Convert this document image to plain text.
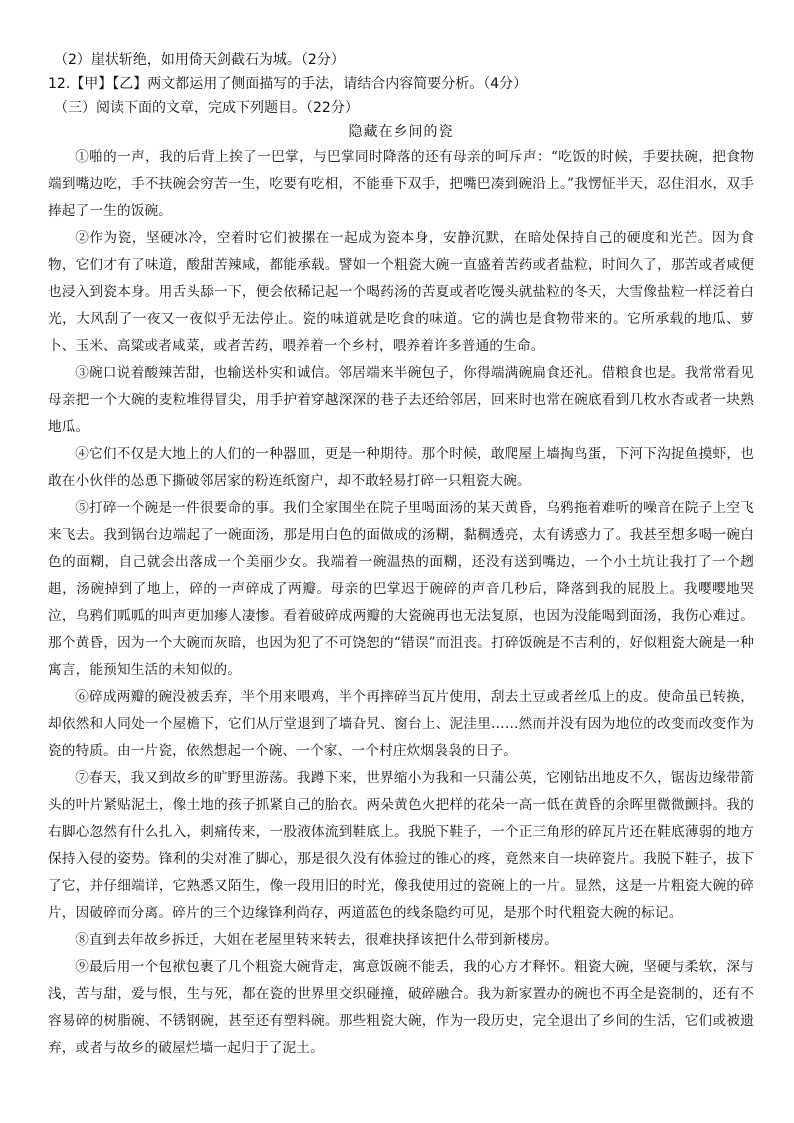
（2）崖状斩绝，如用倚天剑截石为城。（2分）

12.【甲】【乙】两文都运用了侧面描写的手法，请结合内容简要分析。（4分）

（三）阅读下面的文章，完成下列题目。（22分）

隐藏在乡间的瓷

①啪的一声，我的后背上挨了一巴掌，与巴掌同时降落的还有母亲的呵斥声：“吃饭的时候，手要扶碗，把食物端到嘴边吃，手不扶碗会穷苦一生，吃要有吃相，不能垂下双手，把嘴巴凑到碗沿上。”我愣怔半天，忍住泪水，双手捧起了一生的饭碗。

②作为瓷，坚硬冰冷，空着时它们被摞在一起成为瓷本身，安静沉默，在暗处保持自己的硬度和光芒。因为食物，它们才有了味道，酸甜苦辣咸，都能承载。譬如一个粗瓷大碗一直盛着苦药或者盐粒，时间久了，那苦或者咸便也浸入到瓷本身。用舌头舔一下，便会依稀记起一个喝药汤的苦夏或者吃馒头就盐粒的冬天，大雪像盐粒一样泛着白光，大风刮了一夜又一夜似乎无法停止。瓷的味道就是吃食的味道。它的满也是食物带来的。它所承载的地瓜、萝卜、玉米、高粱或者咸菜，或者苦药，喂养着一个乡村，喂养着许多普通的生命。

③碗口说着酸辣苦甜，也输送朴实和诚信。邻居端来半碗包子，你得端满碗扁食还礼。借粮食也是。我常常看见母亲把一个大碗的麦粒堆得冒尖，用手护着穿越深深的巷子去还给邻居，回来时也常在碗底看到几枚水杏或者一块熟地瓜。

④它们不仅是大地上的人们的一种器皿，更是一种期待。那个时候，敢爬屋上墙掏鸟蛋，下河下沟捉鱼摸虾，也敢在小伙伴的怂恿下撕破邻居家的粉连纸窗户，却不敢轻易打碎一只粗瓷大碗。

⑤打碎一个碗是一件很要命的事。我们全家围坐在院子里喝面汤的某天黄昏，乌鸦拖着难听的噪音在院子上空飞来飞去。我到锅台边端起了一碗面汤，那是用白色的面做成的汤糊，黏稠透亮，太有诱惑力了。我甚至想多喝一碗白色的面糊，自己就会出落成一个美丽少女。我端着一碗温热的面糊，还没有送到嘴边，一个小土坑让我打了一个趔趄，汤碗掉到了地上，碎的一声碎成了两瓣。母亲的巴掌迟于碗碎的声音几秒后，降落到我的屁股上。我嘤嘤地哭泣，乌鸦们呱呱的叫声更加瘆人凄惨。看着破碎成两瓣的大瓷碗再也无法复原，也因为没能喝到面汤，我伤心难过。那个黄昏，因为一个大碗而灰暗，也因为犯了不可饶恕的“错误”而沮丧。打碎饭碗是不吉利的，好似粗瓷大碗是一种寓言，能预知生活的未知似的。

⑥碎成两瓣的碗没被丢弃，半个用来喂鸡，半个再摔碎当瓦片使用，刮去土豆或者丝瓜上的皮。使命虽已转换，却依然和人同处一个屋檐下，它们从厅堂退到了墙旮旯、窗台上、泥洼里……然而并没有因为地位的改变而改变作为瓷的特质。由一片瓷，依然想起一个碗、一个家、一个村庄炊烟袅袅的日子。

⑦春天，我又到故乡的旷野里游荡。我蹲下来，世界缩小为我和一只蒲公英，它刚钻出地皮不久，锯齿边缘带箭头的叶片紧贴泥土，像土地的孩子抓紧自己的胎衣。两朵黄色火把样的花朵一高一低在黄昏的余晖里微微颤抖。我的右脚心忽然有什么扎入，刺痛传来，一股液体流到鞋底上。我脱下鞋子，一个正三角形的碎瓦片还在鞋底薄弱的地方保持入侵的姿势。锋利的尖对准了脚心，那是很久没有体验过的锥心的疼，竟然来自一块碎瓷片。我脱下鞋子，拔下了它，并仔细端详，它熟悉又陌生，像一段用旧的时光，像我使用过的瓷碗上的一片。显然，这是一片粗瓷大碗的碎片，因破碎而分离。碎片的三个边缘锋利尚存，两道蓝色的线条隐约可见，是那个时代粗瓷大碗的标记。

⑧直到去年故乡拆迁，大姐在老屋里转来转去，很难抉择该把什么带到新楼房。

⑨最后用一个包袱包裹了几个粗瓷大碗背走，寓意饭碗不能丢，我的心方才释怀。粗瓷大碗，坚硬与柔软，深与浅，苦与甜，爱与恨，生与死，都在瓷的世界里交织碰撞，破碎融合。我为新家置办的碗也不再全是瓷制的，还有不容易碎的树脂碗、不锈钢碗，甚至还有塑料碗。那些粗瓷大碗，作为一段历史，完全退出了乡间的生活，它们或被遗弃，或者与故乡的破屋烂墙一起归于了泥土。
